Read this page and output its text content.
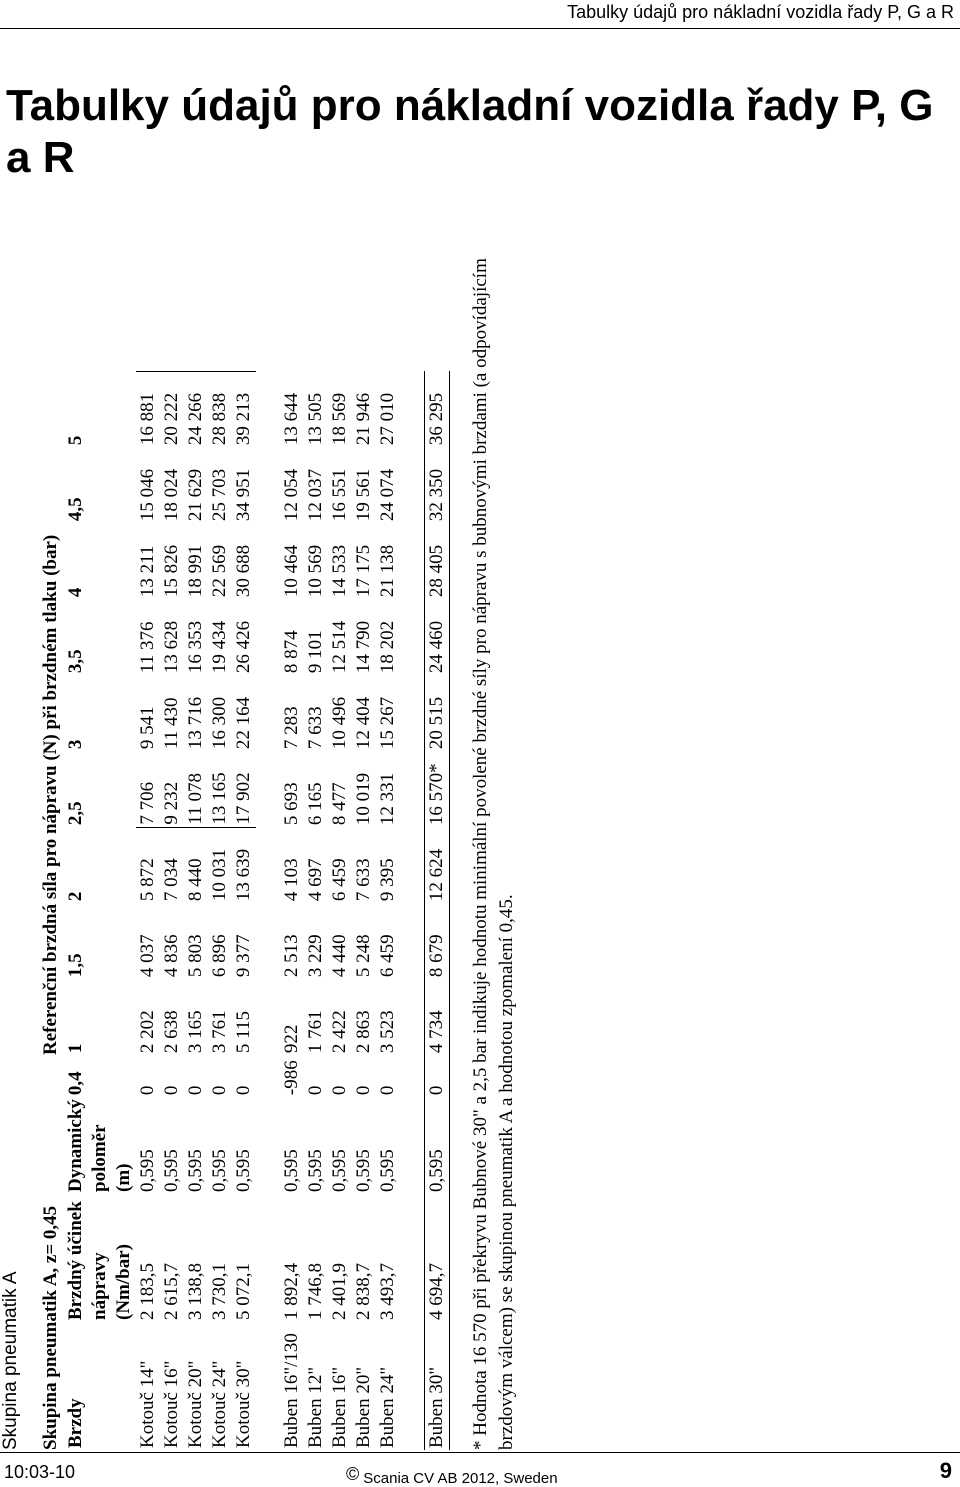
Tabulky údajů pro nákladní vozidla řady P, G a R
Tabulky údajů pro nákladní vozidla řady P, G a R
Skupina pneumatik A Skupina pneumatik A, z= 0,45
Referenční brzdná síla pro nápravu (N) při brzdném tlaku (bar)
Brzdy	Brzdný účinek nápravy (Nm/bar)	Dynamický poloměr (m)	0,4	1	1,5	2	2,5	3	3,5	4	4,5	5
Kotouč 14"	2 183,5	0,595	0	2 202	4 037	5 872	7 706	9 541	11 376	13 211	15 046	16 881
Kotouč 16"	2 615,7	0,595	0	2 638	4 836	7 034	9 232	11 430	13 628	15 826	18 024	20 222
Kotouč 20"	3 138,8	0,595	0	3 165	5 803	8 440	11 078	13 716	16 353	18 991	21 629	24 266
Kotouč 24"	3 730,1	0,595	0	3 761	6 896	10 031	13 165	16 300	19 434	22 569	25 703	28 838
Kotouč 30"	5 072,1	0,595	0	5 115	9 377	13 639	17 902	22 164	26 426	30 688	34 951	39 213

Buben 16"/130	1 892,4	0,595	-986	922	2 513	4 103	5 693	7 283	8 874	10 464	12 054	13 644
Buben 12"	1 746,8	0,595	0	1 761	3 229	4 697	6 165	7 633	9 101	10 569	12 037	13 505
Buben 16"	2 401,9	0,595	0	2 422	4 440	6 459	8 477	10 496	12 514	14 533	16 551	18 569
Buben 20"	2 838,7	0,595	0	2 863	5 248	7 633	10 019	12 404	14 790	17 175	19 561	21 946
Buben 24"	3 493,7	0,595	0	3 523	6 459	9 395	12 331	15 267	18 202	21 138	24 074	27 010

Buben 30"	4 694,7	0,595	0	4 734	8 679	12 624	16 570*	20 515	24 460	28 405	32 350	36 295 * Hodnota 16 570 při překryvu Bubnové 30" a 2,5 bar indikuje hodnotu minimální povolené brzdné síly pro nápravu s bubnovými brzdami (a odpovídajícím brzdovým válcem) se skupinou pneumatik A a hodnotou zpomalení 0,45.
10:03-10	© Scania CV AB 2012, Sweden	9
